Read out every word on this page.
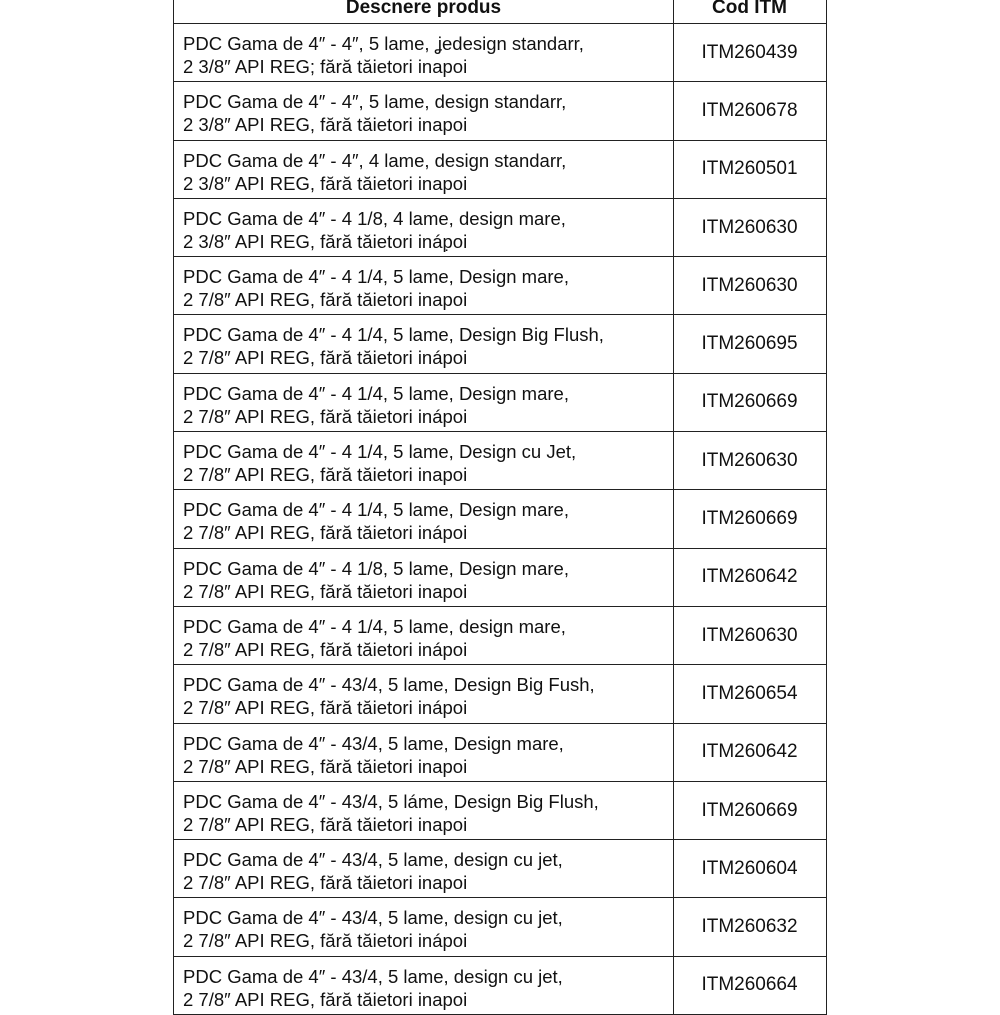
Descnere produs	Cod ITM
PDC Gama de 4″ - 4″, 5 lame, ʝedesign standarr,
2 3/8″ API REG; fără tăietori inapoi
ITM260439
PDC Gama de 4″ - 4″, 5 lame, design standarr,
2 3/8″ API REG, fără tăietori inapoi
ITM260678
PDC Gama de 4″ - 4″, 4 lame, design standarr,
2 3/8″ API REG, fără tăietori inapoi
ITM260501
PDC Gama de 4″ - 4 1/8, 4 lame, design mare,
2 3/8″ API REG, fără tăietori ináр̣oi
ITM260630
PDC Gama de 4″ - 4 1/4, 5 lame, Design mare,
2 7/8″ API REG, fără tăietori inapoi
ITM260630
PDC Gama de 4″ - 4 1/4, 5 lame, Design Big Flush,
2 7/8″ API REG, fără tăietori inápoi
ITM260695
PDC Gama de 4″ - 4 1/4, 5 lame, Design mare,
2 7/8″ API REG, fără tăietori inápoi
ITM260669
PDC Gama de 4″ - 4 1/4, 5 lame, Design cu Jet,
2 7/8″ API REG, fără tăietori inapoi
ITM260630
PDC Gama de 4″ - 4 1/4, 5 lame, Design mare,
2 7/8″ API REG, fără tăietori inápoi
ITM260669
PDC Gama de 4″ - 4 1/8, 5 lame, Design mare,
2 7/8″ API REG, fără tăietori inapoi
ITM260642
PDC Gama de 4″ - 4 1/4, 5 lame, design mare,
2 7/8″ API REG, fără tăietori inápoi
ITM260630
PDC Gama de 4″ - 43/4, 5 lame, Design Big Fush,
2 7/8″ API REG, fără tăietori inápoi
ITM260654
PDC Gama de 4″ - 43/4, 5 lame, Design mare,
2 7/8″ API REG, fără tăietori inapoi
ITM260642
PDC Gama de 4″ - 43/4, 5 láme, Design Big Flush,
2 7/8″ API REG, fără tăietori inapoi
ITM260669
PDC Gama de 4″ - 43/4, 5 lame, design cu jet,
2 7/8″ API REG, fără tăietori inapoi
ITM260604
PDC Gama de 4″ - 43/4, 5 lame, design cu jet,
2 7/8″ API REG, fără tăietori inápoi
ITM260632
PDC Gama de 4″ - 43/4, 5 lame, design cu jet,
2 7/8″ API REG, fără tăietori inapoi
ITM260664
